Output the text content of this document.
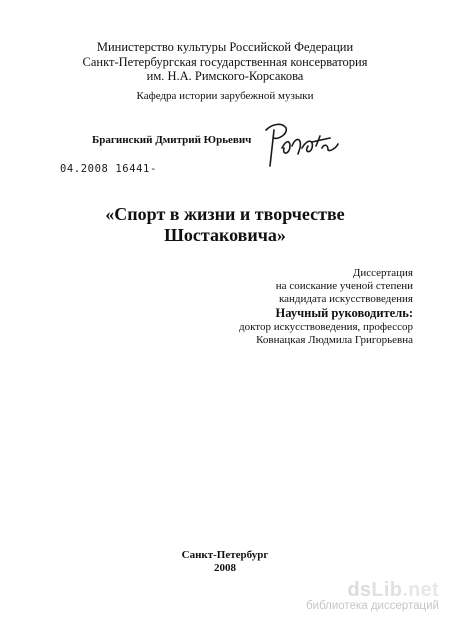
Министерство культуры Российской Федерации
Санкт-Петербургская государственная консерватория
им. Н.А. Римского-Корсакова
Кафедра истории зарубежной музыки
Брагинский Дмитрий Юрьевич
04.2008 16441-
«Спорт в жизни и творчестве
Шостаковича»
Диссертация
на соискание ученой степени
кандидата искусствоведения
Научный руководитель:
доктор искусствоведения, профессор
Ковнацкая Людмила Григорьевна
Санкт-Петербург
2008
dsLib.net
библиотека диссертаций
